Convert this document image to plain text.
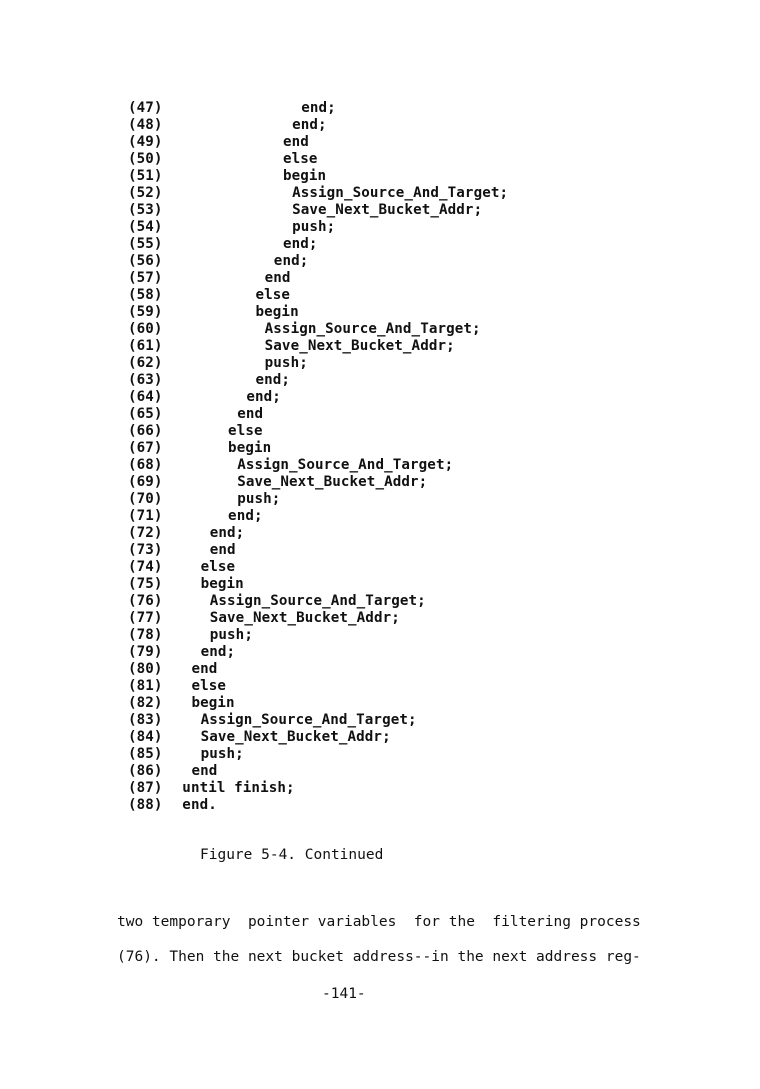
(47)	end;
(48)	end;
(49)	end
(50)	else
(51)	begin
(52)	Assign_Source_And_Target;
(53)	Save_Next_Bucket_Addr;
(54)	push;
(55)	end;
(56)	end;
(57)	end
(58)	else
(59)	begin
(60)	Assign_Source_And_Target;
(61)	Save_Next_Bucket_Addr;
(62)	push;
(63)	end;
(64)	end;
(65)	end
(66)	else
(67)	begin
(68)	Assign_Source_And_Target;
(69)	Save_Next_Bucket_Addr;
(70)	push;
(71)	end;
(72)	end;
(73)	end
(74)	else
(75)	begin
(76)	Assign_Source_And_Target;
(77)	Save_Next_Bucket_Addr;
(78)	push;
(79)	end;
(80) end
(81) else
(82) begin
(83)	Assign_Source_And_Target;
(84)	Save_Next_Bucket_Addr;
(85)	push;
(86) end
(87) until finish;
(88) end.
Figure 5-4. Continued
two temporary  pointer variables  for the  filtering process
(76). Then the next bucket address--in the next address reg-
-141-
